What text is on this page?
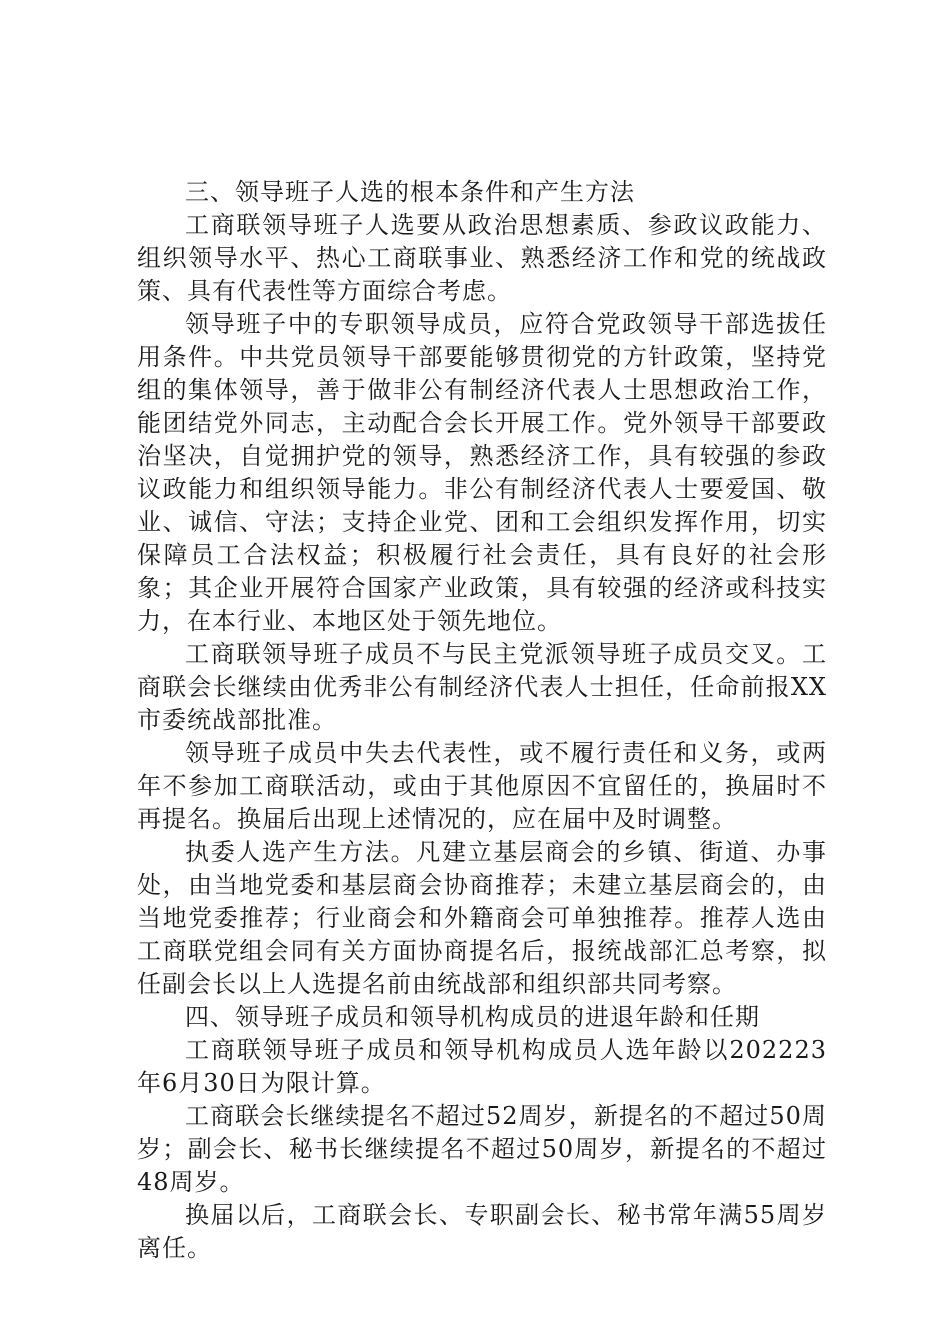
三、领导班子人选的根本条件和产生方法

工商联领导班子人选要从政治思想素质、参政议政能力、组织领导水平、热心工商联事业、熟悉经济工作和党的统战政策、具有代表性等方面综合考虑。

领导班子中的专职领导成员，应符合党政领导干部选拔任用条件。中共党员领导干部要能够贯彻党的方针政策，坚持党组的集体领导，善于做非公有制经济代表人士思想政治工作，能团结党外同志，主动配合会长开展工作。党外领导干部要政治坚决，自觉拥护党的领导，熟悉经济工作，具有较强的参政议政能力和组织领导能力。非公有制经济代表人士要爱国、敬业、诚信、守法；支持企业党、团和工会组织发挥作用，切实保障员工合法权益；积极履行社会责任，具有良好的社会形象；其企业开展符合国家产业政策，具有较强的经济或科技实力，在本行业、本地区处于领先地位。

工商联领导班子成员不与民主党派领导班子成员交叉。工商联会长继续由优秀非公有制经济代表人士担任，任命前报XX市委统战部批准。

领导班子成员中失去代表性，或不履行责任和义务，或两年不参加工商联活动，或由于其他原因不宜留任的，换届时不再提名。换届后出现上述情况的，应在届中及时调整。

执委人选产生方法。凡建立基层商会的乡镇、街道、办事处，由当地党委和基层商会协商推荐；未建立基层商会的，由当地党委推荐；行业商会和外籍商会可单独推荐。推荐人选由工商联党组会同有关方面协商提名后，报统战部汇总考察，拟任副会长以上人选提名前由统战部和组织部共同考察。

四、领导班子成员和领导机构成员的进退年龄和任期

工商联领导班子成员和领导机构成员人选年龄以202223年6月30日为限计算。

工商联会长继续提名不超过52周岁，新提名的不超过50周岁；副会长、秘书长继续提名不超过50周岁，新提名的不超过48周岁。

换届以后，工商联会长、专职副会长、秘书常年满55周岁离任。
